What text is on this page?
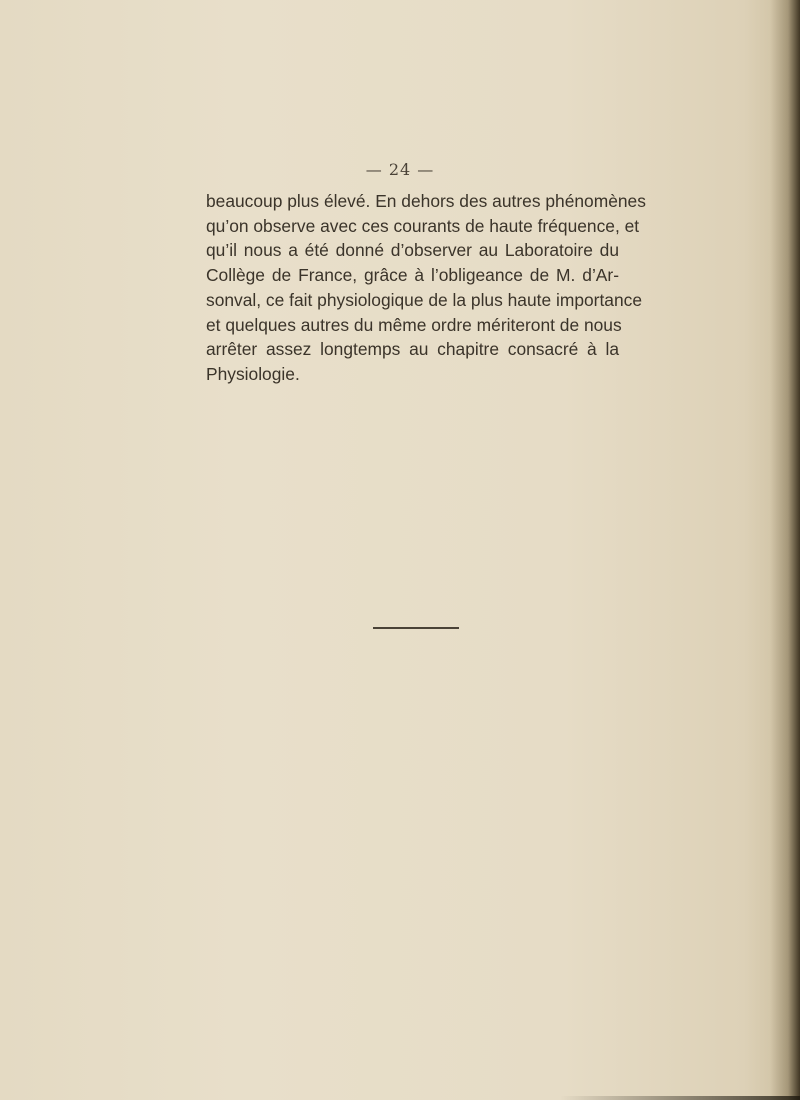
— 24 —
beaucoup plus élevé. En dehors des autres phénomènes
qu’on observe avec ces courants de haute fréquence, et
qu’il nous a été donné d’observer au Laboratoire du
Collège de France, grâce à l’obligeance de M. d’Ar-
sonval, ce fait physiologique de la plus haute importance
et quelques autres du même ordre mériteront de nous
arrêter assez longtemps au chapitre consacré à la
Physiologie.
